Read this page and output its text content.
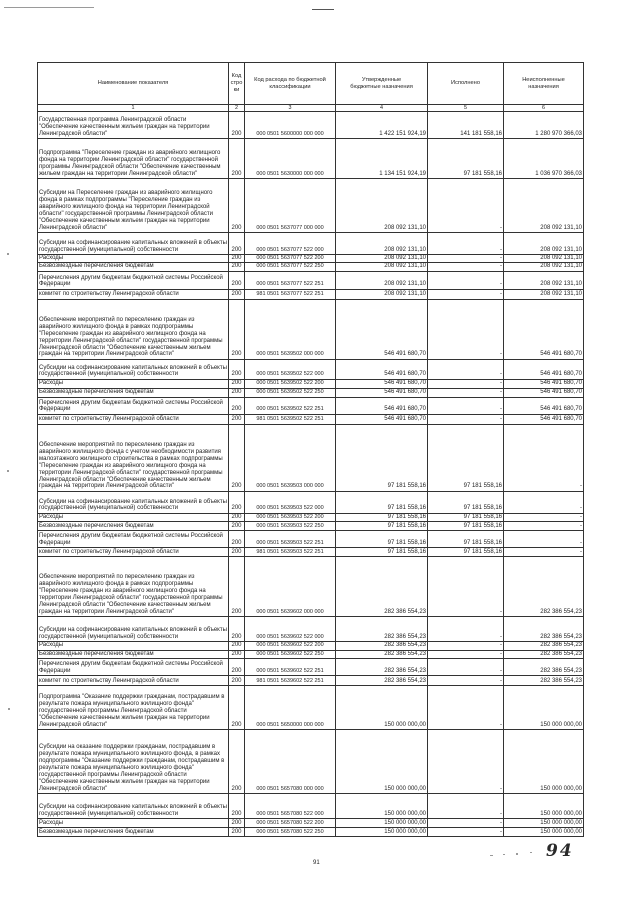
Наименование показателя	Код строки	Код расхода по бюджетной классификации	Утвержденные бюджетные назначения	Исполнено	Неисполненные назначения
1	2	3	4	5	6
Государственная программа Ленинградской области "Обеспечение качественным жильем граждан на территории Ленинградской области"	200	000 0501 5600000 000 000	1 422 151 924,19	141 181 558,16	1 280 970 366,03
Подпрограмма "Переселение граждан из аварийного жилищного фонда на территории Ленинградской области" государственной программы Ленинградской области "Обеспечение качественным жильем граждан на территории Ленинградской области"	200	000 0501 5630000 000 000	1 134 151 924,19	97 181 558,16	1 036 970 366,03
Субсидии на Переселение граждан из аварийного жилищного фонда в рамках подпрограммы "Переселение граждан из аварийного жилищного фонда на территории Ленинградской области" государственной программы Ленинградской области "Обеспечение качественным жильем граждан на территории Ленинградской области"	200	000 0501 5637077 000 000	208 092 131,10	-	208 092 131,10
Субсидии на софинансирование капитальных вложений в объекты государственной (муниципальной) собственности	200	000 0501 5637077 522 000	208 092 131,10	-	208 092 131,10
Расходы	200	000 0501 5637077 522 200	208 092 131,10	-	208 092 131,10
Безвозмездные перечисления бюджетам	200	000 0501 5637077 522 250	208 092 131,10	-	208 092 131,10
Перечисления другим бюджетам бюджетной системы Российской Федерации	200	000 0501 5637077 522 251	208 092 131,10	-	208 092 131,10
комитет по строительству Ленинградской области	200	981 0501 5637077 522 251	208 092 131,10	-	208 092 131,10
Обеспечение мероприятий по переселению граждан из аварийного жилищного фонда в рамках подпрограммы "Переселение граждан из аварийного жилищного фонда на территории Ленинградской области" государственной программы Ленинградской области "Обеспечение качественным жильем граждан на территории Ленинградской области"	200	000 0501 5639502 000 000	546 491 680,70	-	546 491 680,70
Субсидии на софинансирование капитальных вложений в объекты государственной (муниципальной) собственности	200	000 0501 5639502 522 000	546 491 680,70	-	546 491 680,70
Расходы	200	000 0501 5639502 522 200	546 491 680,70	-	546 491 680,70
Безвозмездные перечисления бюджетам	200	000 0501 5639502 522 250	546 491 680,70	-	546 491 680,70
Перечисления другим бюджетам бюджетной системы Российской Федерации	200	000 0501 5639502 522 251	546 491 680,70	-	546 491 680,70
комитет по строительству Ленинградской области	200	981 0501 5639502 522 251	546 491 680,70	-	546 491 680,70
Обеспечение мероприятий по переселению граждан из аварийного жилищного фонда с учетом необходимости развития малоэтажного жилищного строительства в рамках подпрограммы "Переселение граждан из аварийного жилищного фонда на территории Ленинградской области" государственной программы Ленинградской области "Обеспечение качественным жильем граждан на территории Ленинградской области"	200	000 0501 5639503 000 000	97 181 558,16	97 181 558,16	-
Субсидии на софинансирование капитальных вложений в объекты государственной (муниципальной) собственности	200	000 0501 5639503 522 000	97 181 558,16	97 181 558,16	-
Расходы	200	000 0501 5639503 522 200	97 181 558,16	97 181 558,16	-
Безвозмездные перечисления бюджетам	200	000 0501 5639503 522 250	97 181 558,16	97 181 558,16	-
Перечисления другим бюджетам бюджетной системы Российской Федерации	200	000 0501 5639503 522 251	97 181 558,16	97 181 558,16	-
комитет по строительству Ленинградской области	200	981 0501 5639503 522 251	97 181 558,16	97 181 558,16	-
Обеспечение мероприятий по переселению граждан из аварийного жилищного фонда в рамках подпрограммы "Переселение граждан из аварийного жилищного фонда на территории Ленинградской области" государственной программы Ленинградской области "Обеспечение качественным жильем граждан на территории Ленинградской области"	200	000 0501 5639602 000 000	282 386 554,23	-	282 386 554,23
Субсидии на софинансирование капитальных вложений в объекты государственной (муниципальной) собственности	200	000 0501 5639602 522 000	282 386 554,23	-	282 386 554,23
Расходы	200	000 0501 5639602 522 200	282 386 554,23	-	282 386 554,23
Безвозмездные перечисления бюджетам	200	000 0501 5639602 522 250	282 386 554,23	-	282 386 554,23
Перечисления другим бюджетам бюджетной системы Российской Федерации	200	000 0501 5639602 522 251	282 386 554,23	-	282 386 554,23
комитет по строительству Ленинградской области	200	981 0501 5639602 522 251	282 386 554,23	-	282 386 554,23
Подпрограмма "Оказание поддержки гражданам, пострадавшим в результате пожара муниципального жилищного фонда" государственной программы Ленинградской области "Обеспечение качественным жильем граждан на территории Ленинградской области"	200	000 0501 5650000 000 000	150 000 000,00	-	150 000 000,00
Субсидии на оказание поддержки гражданам, пострадавшим в результате пожара муниципального жилищного фонда, в рамках подпрограммы "Оказание поддержки гражданам, пострадавшим в результате пожара муниципального жилищного фонда" государственной программы Ленинградской области "Обеспечение качественным жильем граждан на территории Ленинградской области"	200	000 0501 5657080 000 000	150 000 000,00	-	150 000 000,00
Субсидии на софинансирование капитальных вложений в объекты государственной (муниципальной) собственности	200	000 0501 5657080 522 000	150 000 000,00	-	150 000 000,00
Расходы	200	000 0501 5657080 522 200	150 000 000,00	-	150 000 000,00
Безвозмездные перечисления бюджетам	200	000 0501 5657080 522 250	150 000 000,00	-	150 000 000,00
91
94
